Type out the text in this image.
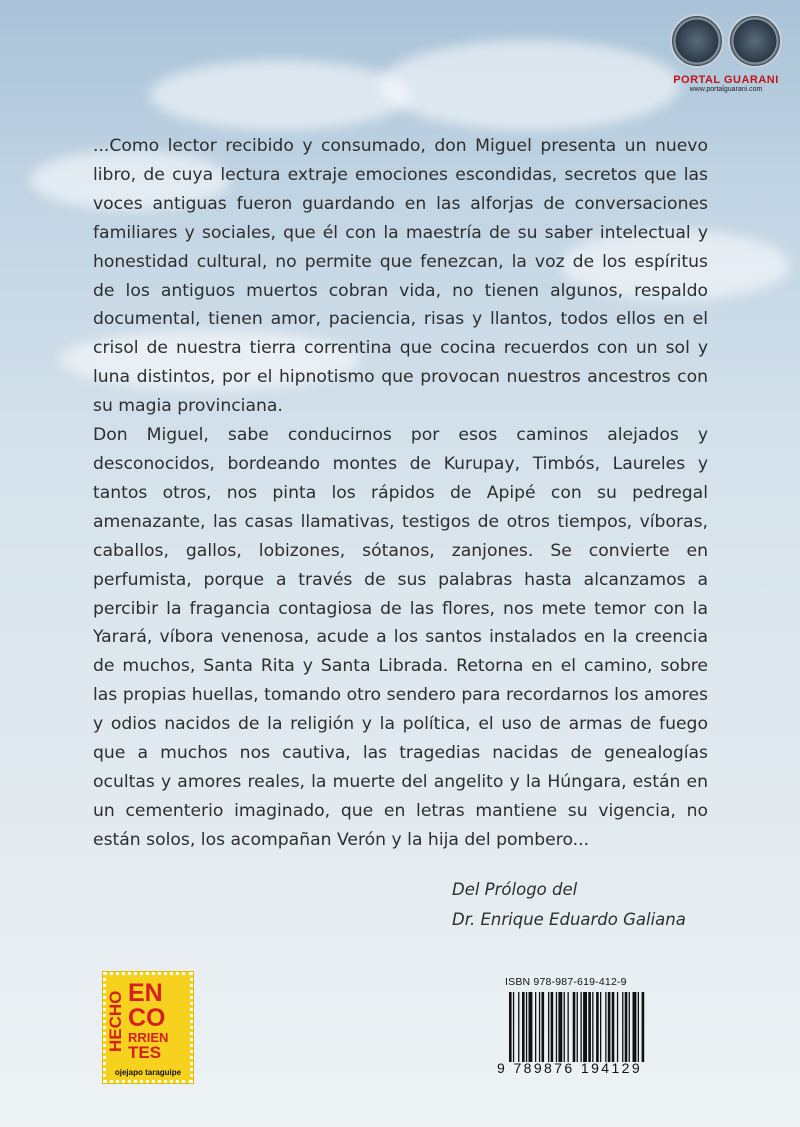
PORTAL GUARANI
www.portalguarani.com

...Como lector recibido y consumado, don Miguel presenta un nuevo libro, de cuya lectura extraje emociones escondidas, secretos que las voces antiguas fueron guardando en las alforjas de conversaciones familiares y sociales, que él con la maestría de su saber intelectual y honestidad cultural, no permite que fenezcan, la voz de los espíritus de los antiguos muertos cobran vida, no tienen algunos, respaldo documental, tienen amor, paciencia, risas y llantos, todos ellos en el crisol de nuestra tierra correntina que cocina recuerdos con un sol y luna distintos, por el hipnotismo que provocan nuestros ancestros con su magia provinciana.

Don Miguel, sabe conducirnos por esos caminos alejados y desconocidos, bordeando montes de Kurupay, Timbós, Laureles y tantos otros, nos pinta los rápidos de Apipé con su pedregal amenazante, las casas llamativas, testigos de otros tiempos, víboras, caballos, gallos, lobizones, sótanos, zanjones. Se convierte en perfumista, porque a través de sus palabras hasta alcanzamos a percibir la fragancia contagiosa de las flores, nos mete temor con la Yarará, víbora venenosa, acude a los santos instalados en la creencia de muchos, Santa Rita y Santa Librada. Retorna en el camino, sobre las propias huellas, tomando otro sendero para recordarnos los amores y odios nacidos de la religión y la política, el uso de armas de fuego que a muchos nos cautiva, las tragedias nacidas de genealogías ocultas y amores reales, la muerte del angelito y la Húngara, están en un cementerio imaginado, que en letras mantiene su vigencia, no están solos, los acompañan Verón y la hija del pombero...

Del Prólogo del
Dr. Enrique Eduardo Galiana
HECHO EN
CO
RRIEN
TES
ojejapo taraguipe
ISBN 978-987-619-412-9
9 789876 194129
